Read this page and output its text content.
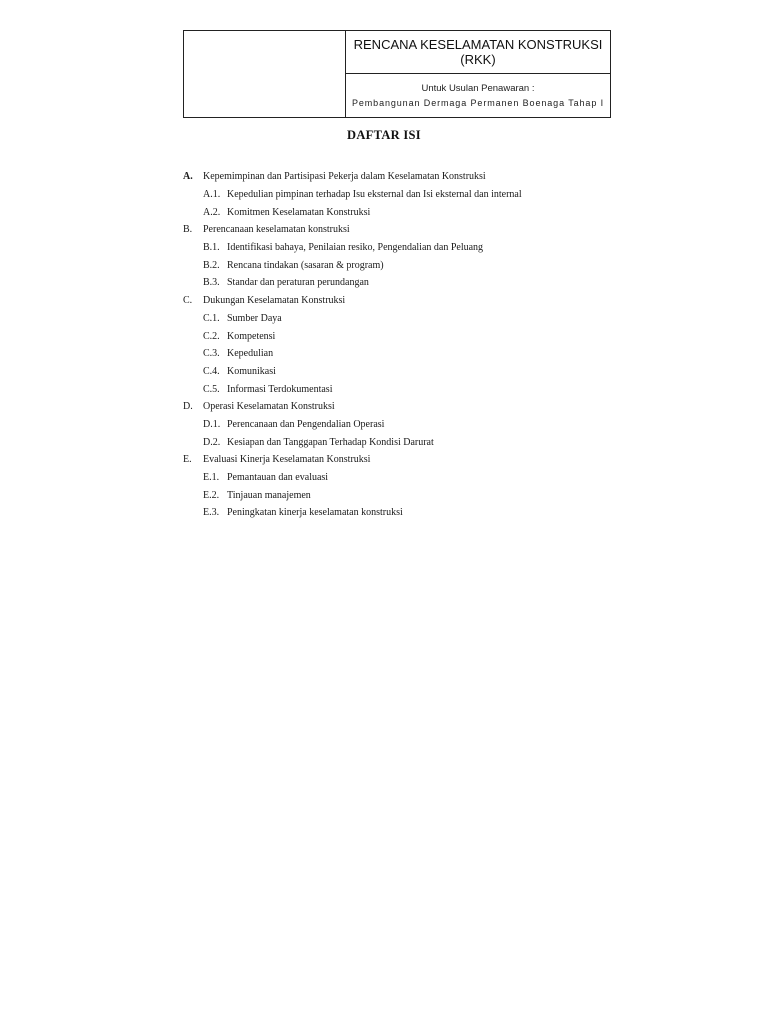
RENCANA KESELAMATAN KONSTRUKSI
(RKK)
Untuk Usulan Penawaran :
Pembangunan Dermaga Permanen Boenaga Tahap I
DAFTAR ISI
A.	Kepemimpinan dan Partisipasi Pekerja dalam Keselamatan Konstruksi
A.1. Kepedulian pimpinan terhadap Isu eksternal dan Isi eksternal dan internal
A.2. Komitmen Keselamatan Konstruksi
B.	Perencanaan keselamatan konstruksi
B.1. Identifikasi bahaya, Penilaian resiko, Pengendalian dan Peluang
B.2. Rencana tindakan (sasaran & program)
B.3. Standar dan peraturan perundangan
C.	Dukungan Keselamatan Konstruksi
C.1. Sumber Daya
C.2. Kompetensi
C.3. Kepedulian
C.4. Komunikasi
C.5. Informasi Terdokumentasi
D.	Operasi Keselamatan Konstruksi
D.1. Perencanaan dan Pengendalian Operasi
D.2. Kesiapan dan Tanggapan Terhadap Kondisi Darurat
E.	Evaluasi Kinerja Keselamatan Konstruksi
E.1. Pemantauan dan evaluasi
E.2. Tinjauan manajemen
E.3. Peningkatan kinerja keselamatan konstruksi
